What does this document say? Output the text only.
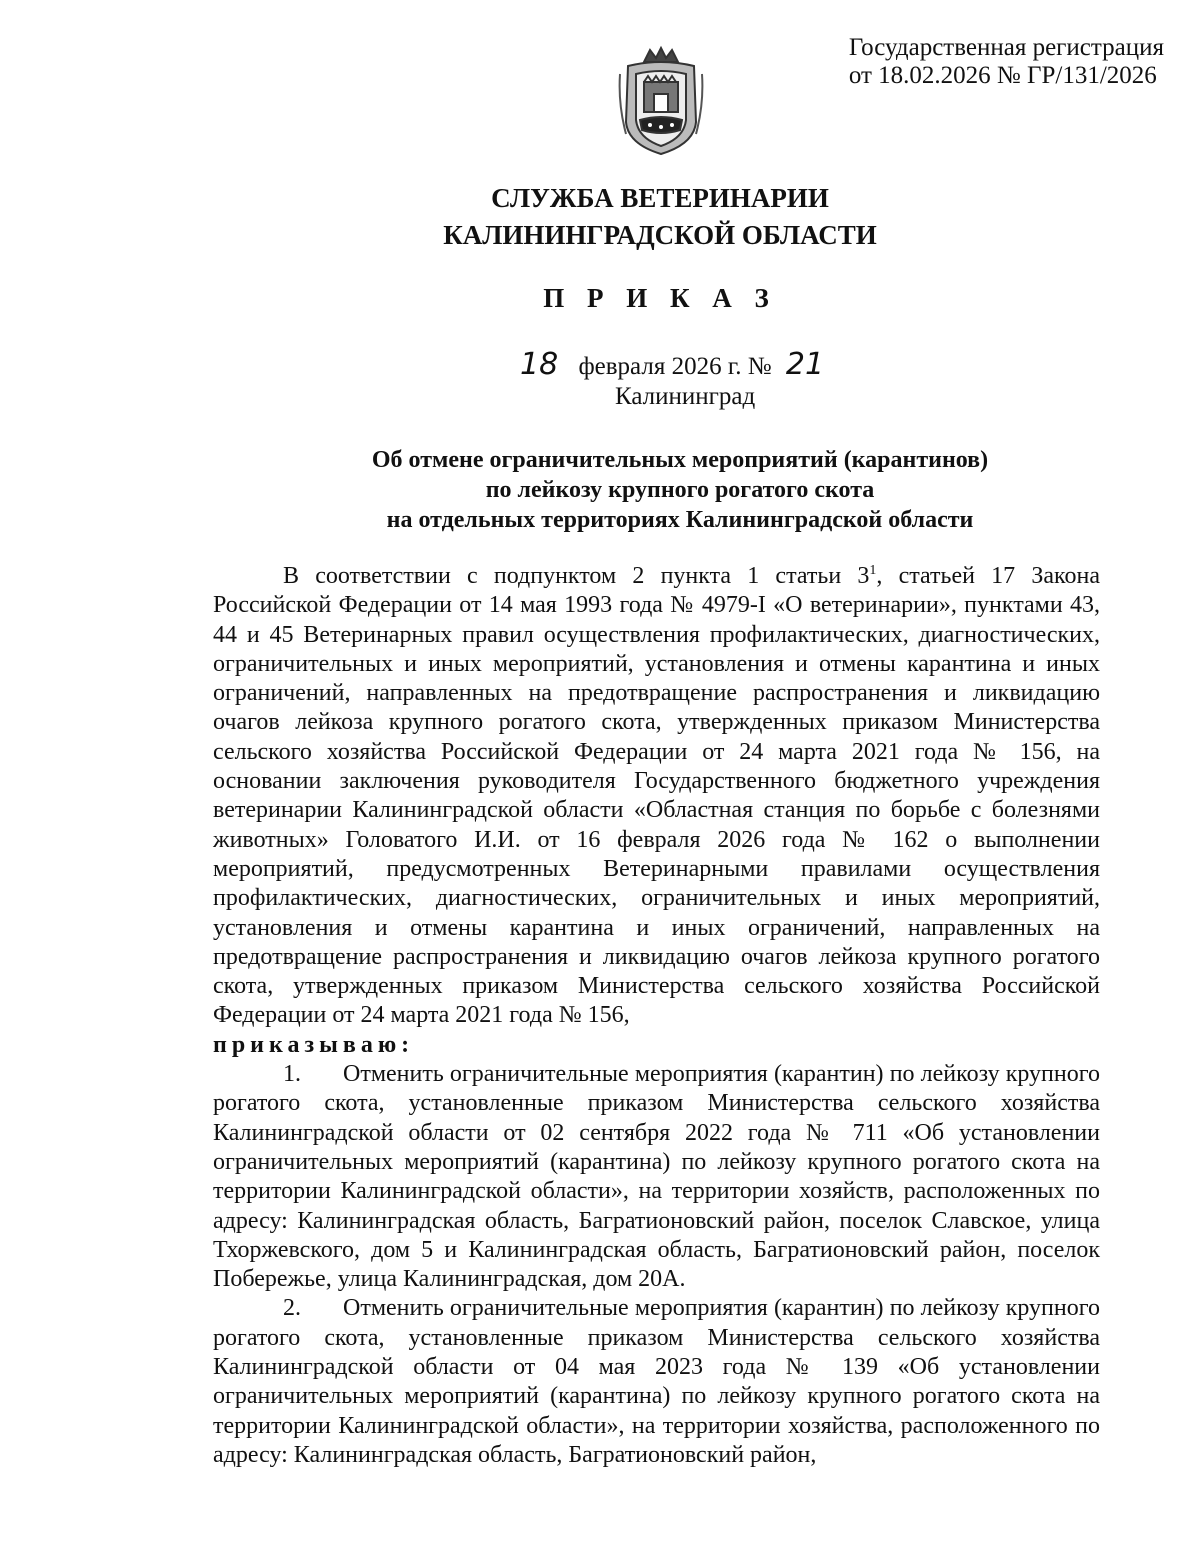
Государственная регистрация
от 18.02.2026 № ГР/131/2026
СЛУЖБА ВЕТЕРИНАРИИ
КАЛИНИНГРАДСКОЙ ОБЛАСТИ
П Р И К А З
18 февраля 2026 г. № 21
Калининград
Об отмене ограничительных мероприятий (карантинов)
по лейкозу крупного рогатого скота
на отдельных территориях Калининградской области

В соответствии с подпунктом 2 пункта 1 статьи $3^1$, статьей 17 Закона Российской Федерации от 14 мая 1993 года № 4979-I «О ветеринарии», пунктами 43, 44 и 45 Ветеринарных правил осуществления профилактических, диагностических, ограничительных и иных мероприятий, установления и отмены карантина и иных ограничений, направленных на предотвращение распространения и ликвидацию очагов лейкоза крупного рогатого скота, утвержденных приказом Министерства сельского хозяйства Российской Федерации от 24 марта 2021 года № 156, на основании заключения руководителя Государственного бюджетного учреждения ветеринарии Калининградской области «Областная станция по борьбе с болезнями животных» Головатого И.И. от 16 февраля 2026 года № 162 о выполнении мероприятий, предусмотренных Ветеринарными правилами осуществления профилактических, диагностических, ограничительных и иных мероприятий, установления и отмены карантина и иных ограничений, направленных на предотвращение распространения и ликвидацию очагов лейкоза крупного рогатого скота, утвержденных приказом Министерства сельского хозяйства Российской Федерации от 24 марта 2021 года № 156,

приказываю:

1. Отменить ограничительные мероприятия (карантин) по лейкозу крупного рогатого скота, установленные приказом Министерства сельского хозяйства Калининградской области от 02 сентября 2022 года № 711 «Об установлении ограничительных мероприятий (карантина) по лейкозу крупного рогатого скота на территории Калининградской области», на территории хозяйств, расположенных по адресу: Калининградская область, Багратионовский район, поселок Славское, улица Тхоржевского, дом 5 и Калининградская область, Багратионовский район, поселок Побережье, улица Калининградская, дом 20А.

2. Отменить ограничительные мероприятия (карантин) по лейкозу крупного рогатого скота, установленные приказом Министерства сельского хозяйства Калининградской области от 04 мая 2023 года № 139 «Об установлении ограничительных мероприятий (карантина) по лейкозу крупного рогатого скота на территории Калининградской области», на территории хозяйства, расположенного по адресу: Калининградская область, Багратионовский район,
